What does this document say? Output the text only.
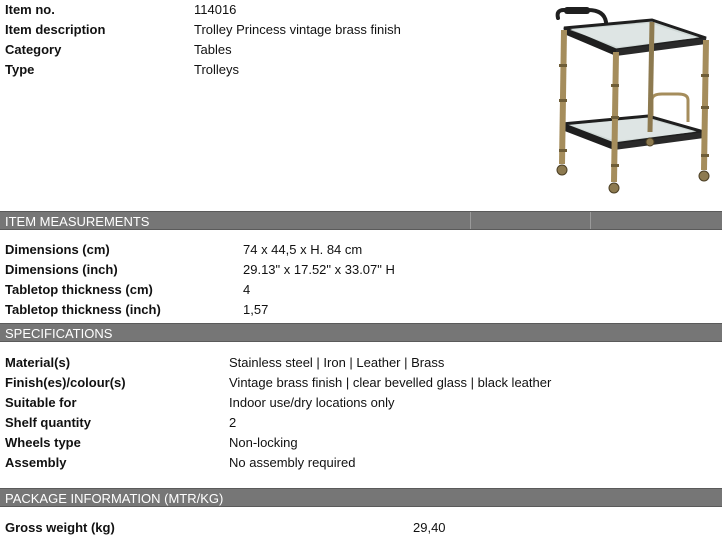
Item no.	114016
Item description	Trolley Princess vintage brass finish
Category	Tables
Type	Trolleys
ITEM MEASUREMENTS
Dimensions (cm)	74 x 44,5 x H. 84 cm
Dimensions (inch)	29.13" x 17.52" x 33.07" H
Tabletop thickness (cm)	4
Tabletop thickness (inch)	1,57
SPECIFICATIONS
Material(s)	Stainless steel | Iron | Leather | Brass
Finish(es)/colour(s)	Vintage brass finish | clear bevelled glass | black leather
Suitable for	Indoor use/dry locations only
Shelf quantity	2
Wheels type	Non-locking
Assembly	No assembly required
PACKAGE INFORMATION (MTR/KG)
Gross weight (kg)	29,40
